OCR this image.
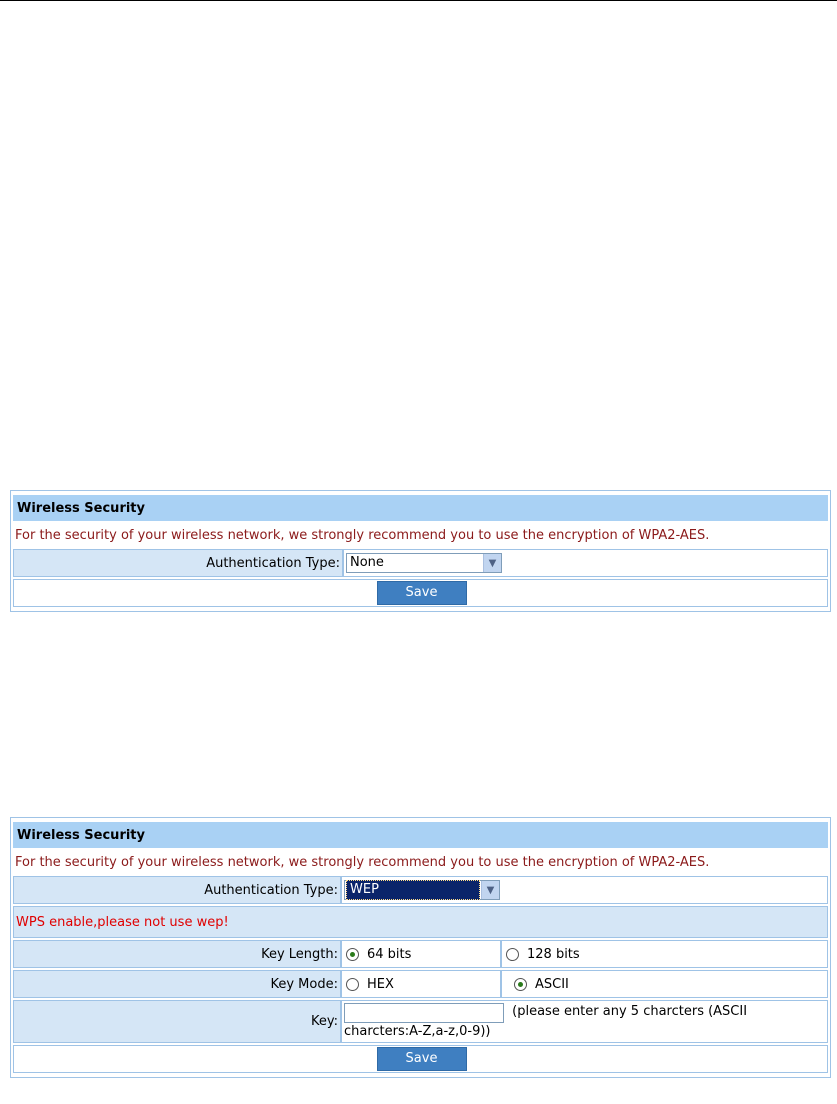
Wireless Security
For the security of your wireless network, we strongly recommend you to use the encryption of WPA2-AES.
Authentication Type:	None	▼

Save
Wireless Security		
For the security of your wireless network, we strongly recommend you to use the encryption of WPA2-AES.		
Authentication Type:	WEP ▼	

WPS enable,please not use wep!		
Key Length:	64 bits	128 bits
Key Mode:	HEX	ASCII
Key:	(please enter any 5 charcters (ASCII
charcters:A-Z,a-z,0-9))	
Save		
